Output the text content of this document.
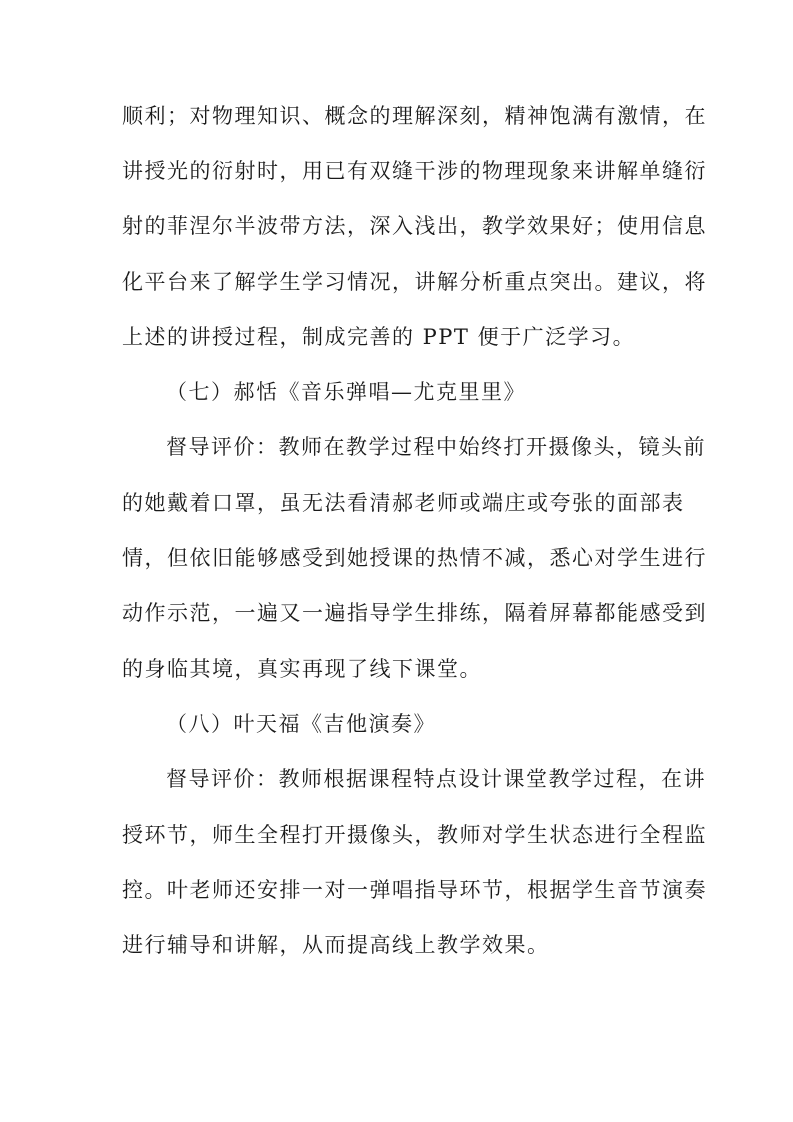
顺利；对物理知识、概念的理解深刻，精神饱满有激情，在
讲授光的衍射时，用已有双缝干涉的物理现象来讲解单缝衍
射的菲涅尔半波带方法，深入浅出，教学效果好；使用信息
化平台来了解学生学习情况，讲解分析重点突出。建议，将
上述的讲授过程，制成完善的 PPT 便于广泛学习。
（七）郝恬《音乐弹唱—尤克里里》
督导评价：教师在教学过程中始终打开摄像头，镜头前
的她戴着口罩，虽无法看清郝老师或端庄或夸张的面部表
情，但依旧能够感受到她授课的热情不减，悉心对学生进行
动作示范，一遍又一遍指导学生排练，隔着屏幕都能感受到
的身临其境，真实再现了线下课堂。
（八）叶天福《吉他演奏》
督导评价：教师根据课程特点设计课堂教学过程，在讲
授环节，师生全程打开摄像头，教师对学生状态进行全程监
控。叶老师还安排一对一弹唱指导环节，根据学生音节演奏
进行辅导和讲解，从而提高线上教学效果。
